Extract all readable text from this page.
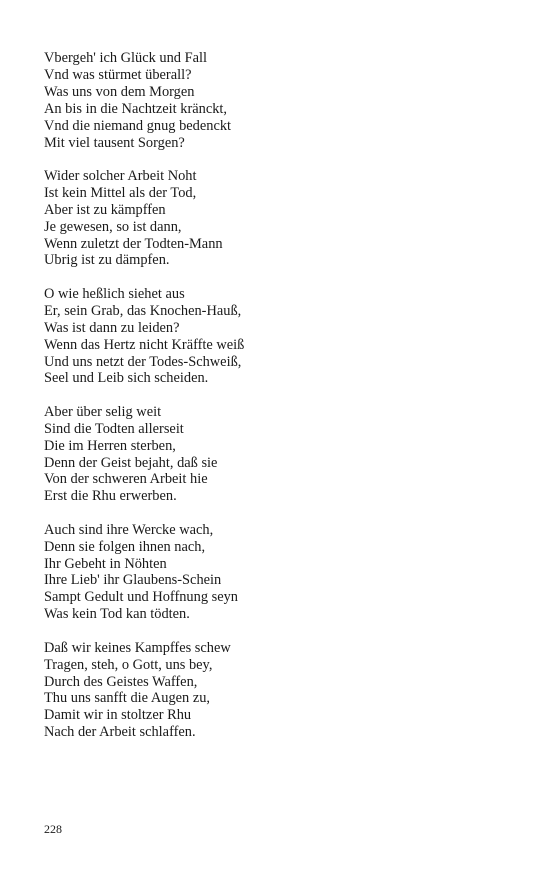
Vbergeh' ich Glück und Fall
Vnd was stürmet überall?
Was uns von dem Morgen
An bis in die Nachtzeit kränckt,
Vnd die niemand gnug bedenckt
Mit viel tausent Sorgen?
Wider solcher Arbeit Noht
Ist kein Mittel als der Tod,
Aber ist zu kämpffen
Je gewesen, so ist dann,
Wenn zuletzt der Todten-Mann
Ubrig ist zu dämpfen.
O wie heßlich siehet aus
Er, sein Grab, das Knochen-Hauß,
Was ist dann zu leiden?
Wenn das Hertz nicht Kräffte weiß
Und uns netzt der Todes-Schweiß,
Seel und Leib sich scheiden.
Aber über selig weit
Sind die Todten allerseit
Die im Herren sterben,
Denn der Geist bejaht, daß sie
Von der schweren Arbeit hie
Erst die Rhu erwerben.
Auch sind ihre Wercke wach,
Denn sie folgen ihnen nach,
Ihr Gebeht in Nöhten
Ihre Lieb' ihr Glaubens-Schein
Sampt Gedult und Hoffnung seyn
Was kein Tod kan tödten.
Daß wir keines Kampffes schew
Tragen, steh, o Gott, uns bey,
Durch des Geistes Waffen,
Thu uns sanfft die Augen zu,
Damit wir in stoltzer Rhu
Nach der Arbeit schlaffen.
228
